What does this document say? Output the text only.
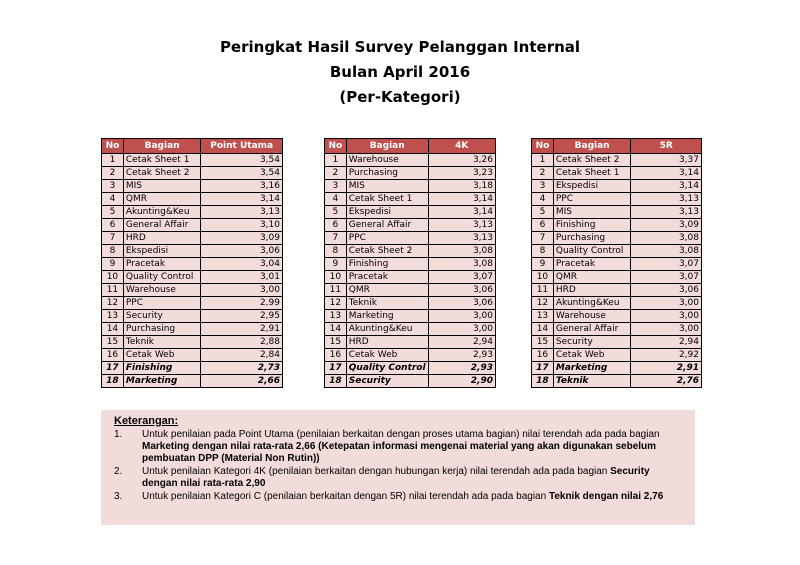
Peringkat Hasil Survey Pelanggan Internal
Bulan April 2016
(Per-Kategori)
No	Bagian	Point Utama
1	Cetak Sheet 1	3,54
2	Cetak Sheet 2	3,54
3	MIS	3,16
4	QMR	3,14
5	Akunting&Keu	3,13
6	General Affair	3,10
7	HRD	3,09
8	Ekspedisi	3,06
9	Pracetak	3,04
10	Quality Control	3,01
11	Warehouse	3,00
12	PPC	2,99
13	Security	2,95
14	Purchasing	2,91
15	Teknik	2,88
16	Cetak Web	2,84
17	Finishing	2,73
18	Marketing	2,66
No	Bagian	4K
1	Warehouse	3,26
2	Purchasing	3,23
3	MIS	3,18
4	Cetak Sheet 1	3,14
5	Ekspedisi	3,14
6	General Affair	3,13
7	PPC	3,13
8	Cetak Sheet 2	3,08
9	Finishing	3,08
10	Pracetak	3,07
11	QMR	3,06
12	Teknik	3,06
13	Marketing	3,00
14	Akunting&Keu	3,00
15	HRD	2,94
16	Cetak Web	2,93
17	Quality Control	2,93
18	Security	2,90
No	Bagian	5R
1	Cetak Sheet 2	3,37
2	Cetak Sheet 1	3,14
3	Ekspedisi	3,14
4	PPC	3,13
5	MIS	3,13
6	Finishing	3,09
7	Purchasing	3,08
8	Quality Control	3,08
9	Pracetak	3,07
10	QMR	3,07
11	HRD	3,06
12	Akunting&Keu	3,00
13	Warehouse	3,00
14	General Affair	3,00
15	Security	2,94
16	Cetak Web	2,92
17	Marketing	2,91
18	Teknik	2,76
Keterangan:
1.	Untuk penilaian pada Point Utama (penilaian berkaitan dengan proses utama bagian) nilai terendah ada pada bagian Marketing dengan nilai rata-rata 2,66 (Ketepatan informasi mengenai material yang akan digunakan sebelum pembuatan DPP (Material Non Rutin))
2.	Untuk penilaian Kategori 4K (penilaian berkaitan dengan hubungan kerja) nilai terendah ada pada bagian Security dengan nilai rata-rata 2,90
3.	Untuk penilaian Kategori C (penilaian berkaitan dengan 5R) nilai terendah ada pada bagian Teknik dengan nilai 2,76
